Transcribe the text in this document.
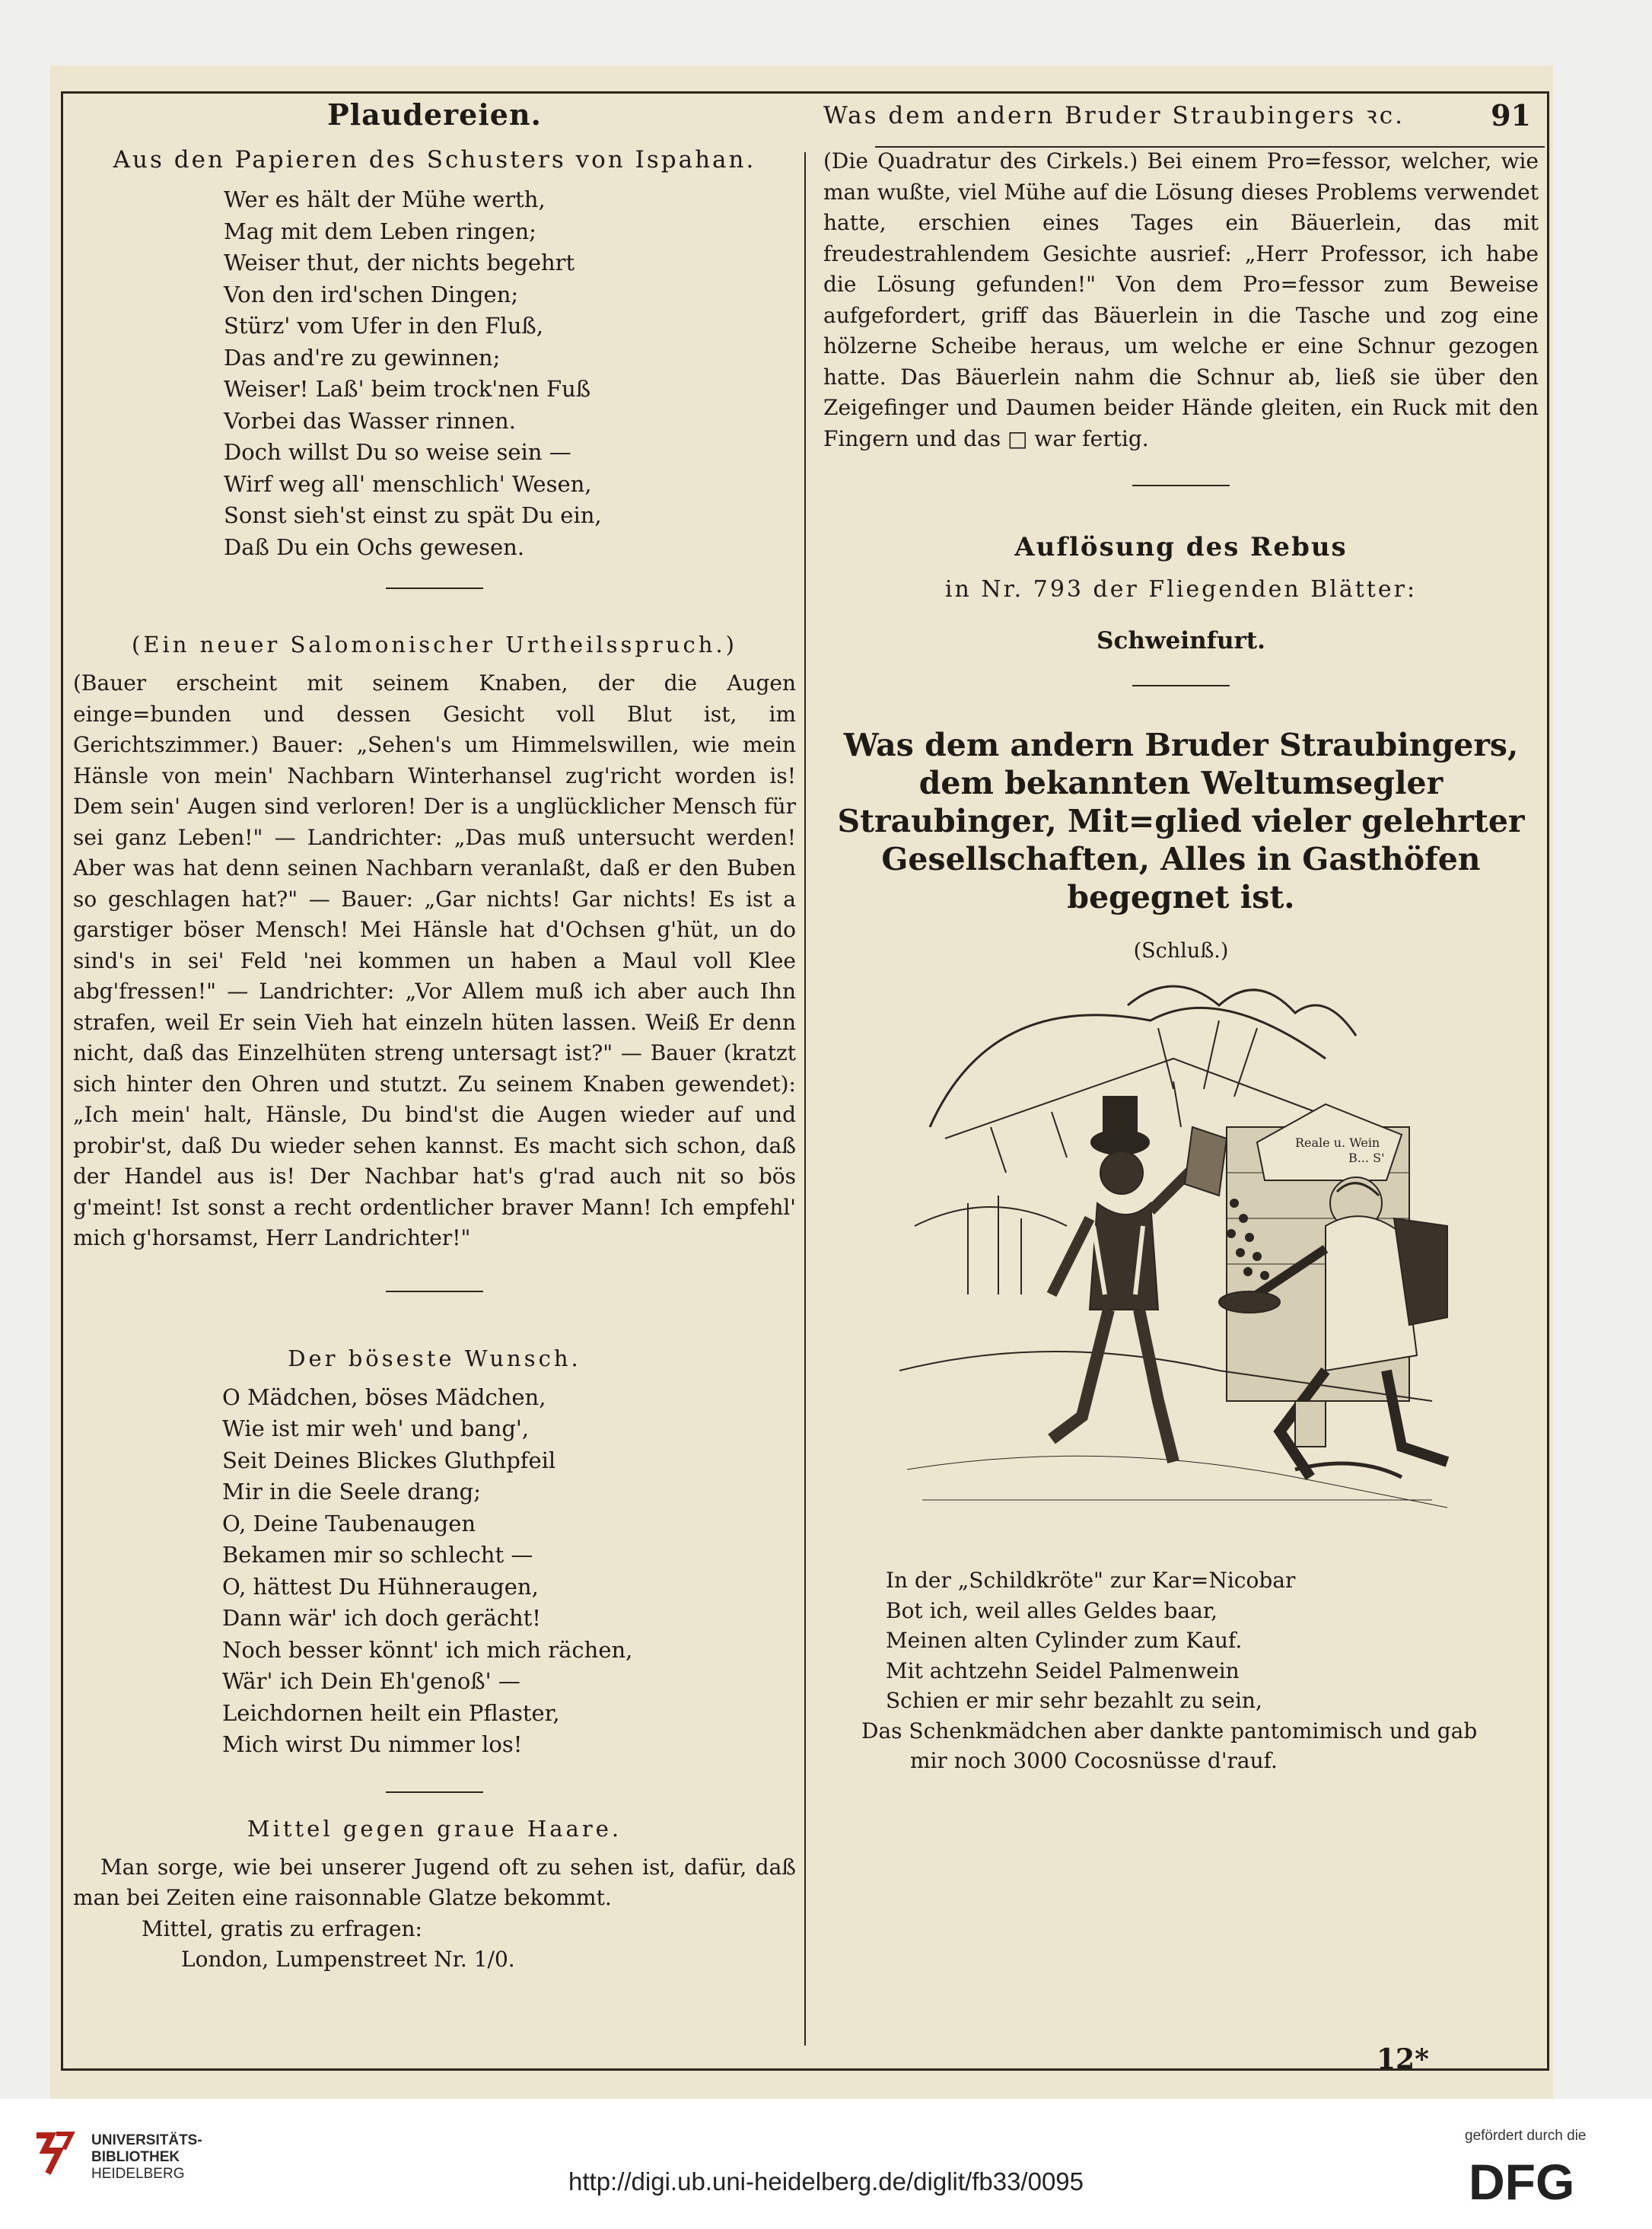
Plaudereien.
Aus den Papieren des Schusters von Ispahan.
Wer es hält der Mühe werth,
Mag mit dem Leben ringen;
Weiser thut, der nichts begehrt
Von den ird'schen Dingen;
Stürz' vom Ufer in den Fluß,
Das and're zu gewinnen;
Weiser! Laß' beim trock'nen Fuß
Vorbei das Wasser rinnen.
Doch willst Du so weise sein —
Wirf weg all' menschlich' Wesen,
Sonst sieh'st einst zu spät Du ein,
Daß Du ein Ochs gewesen.
(Ein neuer Salomonischer Urtheilsspruch.)

(Bauer erscheint mit seinem Knaben, der die Augen einge=bunden und dessen Gesicht voll Blut ist, im Gerichtszimmer.) Bauer: „Sehen's um Himmelswillen, wie mein Hänsle von mein' Nachbarn Winterhansel zug'richt worden is! Dem sein' Augen sind verloren! Der is a unglücklicher Mensch für sei ganz Leben!" — Landrichter: „Das muß untersucht werden! Aber was hat denn seinen Nachbarn veranlaßt, daß er den Buben so geschlagen hat?" — Bauer: „Gar nichts! Gar nichts! Es ist a garstiger böser Mensch! Mei Hänsle hat d'Ochsen g'hüt, un do sind's in sei' Feld 'nei kommen un haben a Maul voll Klee abg'fressen!" — Landrichter: „Vor Allem muß ich aber auch Ihn strafen, weil Er sein Vieh hat einzeln hüten lassen. Weiß Er denn nicht, daß das Einzelhüten streng untersagt ist?" — Bauer (kratzt sich hinter den Ohren und stutzt. Zu seinem Knaben gewendet): „Ich mein' halt, Hänsle, Du bind'st die Augen wieder auf und probir'st, daß Du wieder sehen kannst. Es macht sich schon, daß der Handel aus is! Der Nachbar hat's g'rad auch nit so bös g'meint! Ist sonst a recht ordentlicher braver Mann! Ich empfehl' mich g'horsamst, Herr Landrichter!"

Der böseste Wunsch.
O Mädchen, böses Mädchen,
Wie ist mir weh' und bang',
Seit Deines Blickes Gluthpfeil
Mir in die Seele drang;
O, Deine Taubenaugen
Bekamen mir so schlecht —
O, hättest Du Hühneraugen,
Dann wär' ich doch gerächt!
Noch besser könnt' ich mich rächen,
Wär' ich Dein Eh'genoß' —
Leichdornen heilt ein Pflaster,
Mich wirst Du nimmer los!
Mittel gegen graue Haare.

Man sorge, wie bei unserer Jugend oft zu sehen ist, dafür, daß man bei Zeiten eine raisonnable Glatze bekommt.

Mittel, gratis zu erfragen:
London, Lumpenstreet Nr. 1/0.
Was dem andern Bruder Straubingers ꝛc.	91

(Die Quadratur des Cirkels.) Bei einem Pro=fessor, welcher, wie man wußte, viel Mühe auf die Lösung dieses Problems verwendet hatte, erschien eines Tages ein Bäuerlein, das mit freudestrahlendem Gesichte ausrief: „Herr Professor, ich habe die Lösung gefunden!" Von dem Pro=fessor zum Beweise aufgefordert, griff das Bäuerlein in die Tasche und zog eine hölzerne Scheibe heraus, um welche er eine Schnur gezogen hatte. Das Bäuerlein nahm die Schnur ab, ließ sie über den Zeigefinger und Daumen beider Hände gleiten, ein Ruck mit den Fingern und das □ war fertig.

Auflösung des Rebus
in Nr. 793 der Fliegenden Blätter:
Schweinfurt.
Was dem andern Bruder Straubingers, dem bekannten Weltumsegler Straubinger, Mit=glied vieler gelehrter Gesellschaften, Alles in Gasthöfen begegnet ist.
(Schluß.)
Reale u. Wein
B... S'
In der „Schildkröte" zur Kar=Nicobar
Bot ich, weil alles Geldes baar,
Meinen alten Cylinder zum Kauf.
Mit achtzehn Seidel Palmenwein
Schien er mir sehr bezahlt zu sein,
Das Schenkmädchen aber dankte pantomimisch und gab
mir noch 3000 Cocosnüsse d'rauf.
12*
UNIVERSITÄTS-
BIBLIOTHEK
HEIDELBERG	http://digi.ub.uni-heidelberg.de/diglit/fb33/0095
gefördert durch die
DFG
